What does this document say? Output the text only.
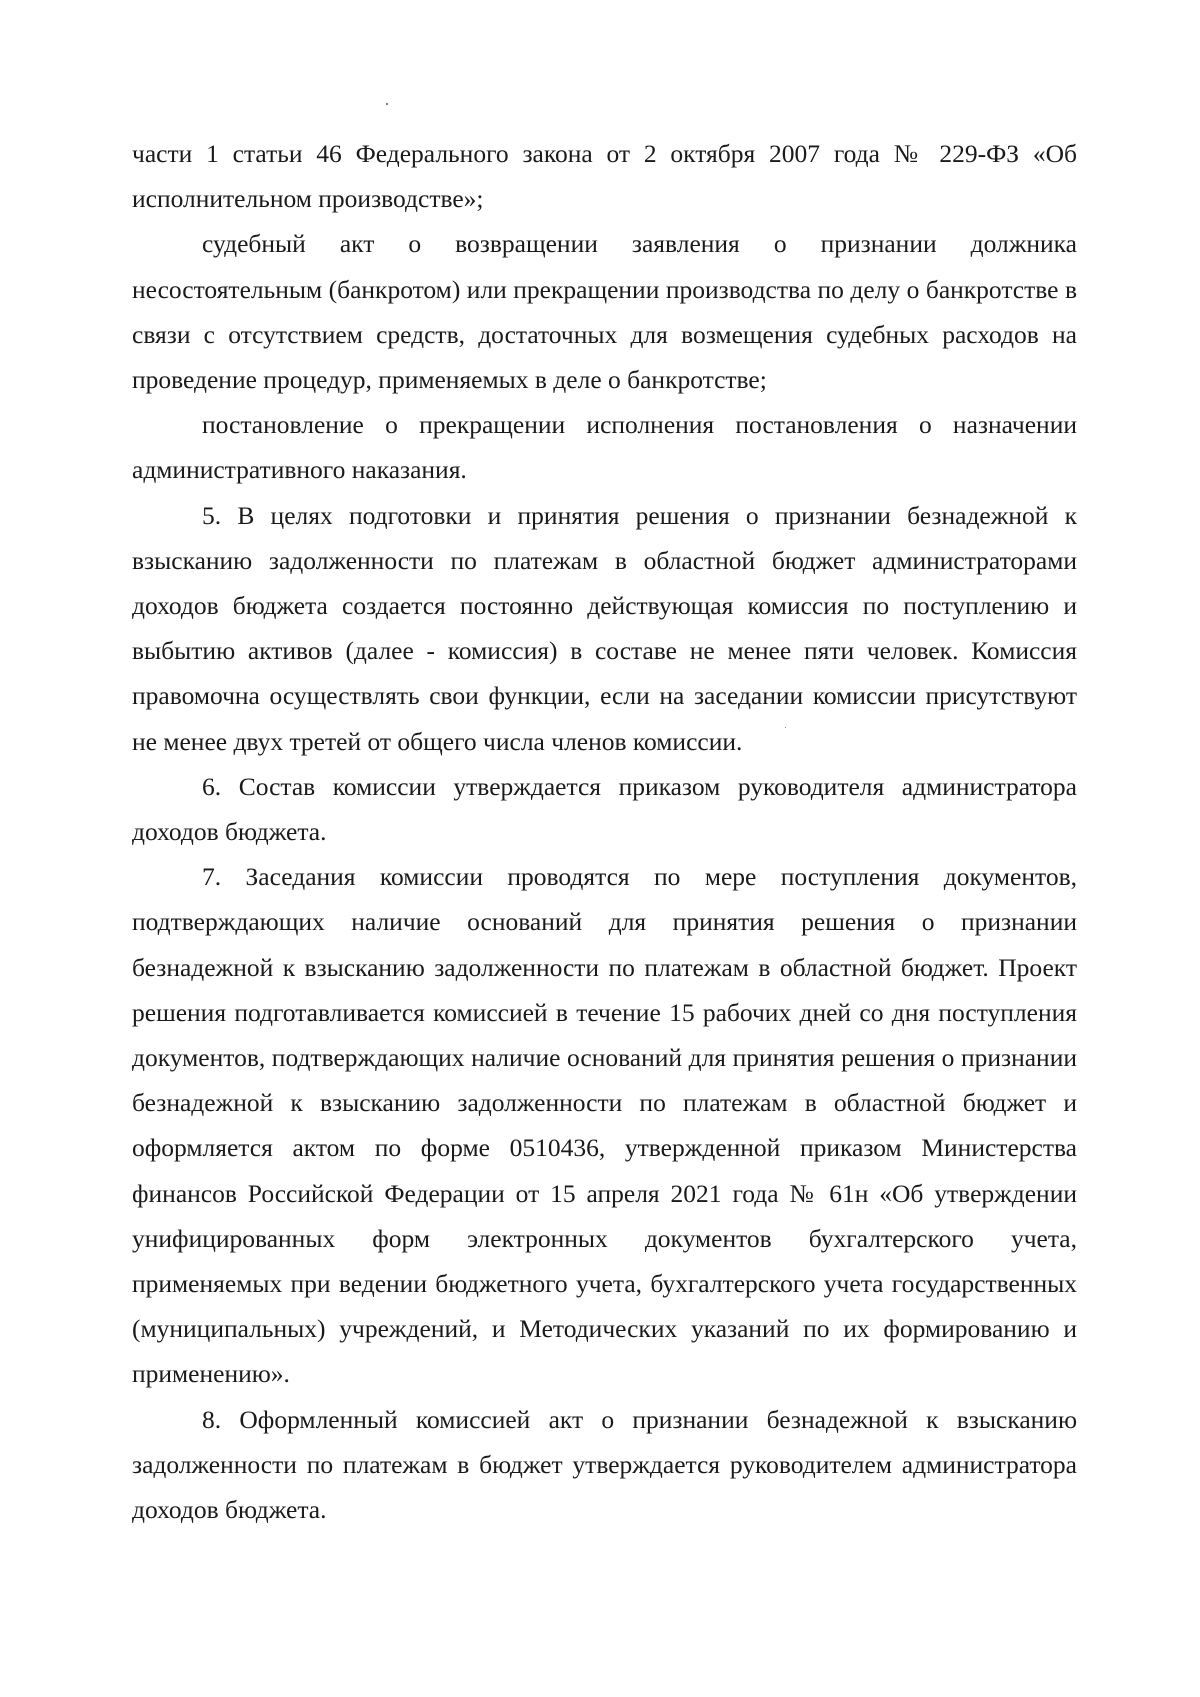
части 1 статьи 46 Федерального закона от 2 октября 2007 года № 229-ФЗ «Об исполнительном производстве»;

судебный акт о возвращении заявления о признании должника несостоятельным (банкротом) или прекращении производства по делу о банкротстве в связи с отсутствием средств, достаточных для возмещения судебных расходов на проведение процедур, применяемых в деле о банкротстве;

постановление о прекращении исполнения постановления о назначении административного наказания.

5. В целях подготовки и принятия решения о признании безнадежной к взысканию задолженности по платежам в областной бюджет администраторами доходов бюджета создается постоянно действующая комиссия по поступлению и выбытию активов (далее - комиссия) в составе не менее пяти человек. Комиссия правомочна осуществлять свои функции, если на заседании комиссии присутствуют не менее двух третей от общего числа членов комиссии.

6. Состав комиссии утверждается приказом руководителя администратора доходов бюджета.

7. Заседания комиссии проводятся по мере поступления документов, подтверждающих наличие оснований для принятия решения о признании безнадежной к взысканию задолженности по платежам в областной бюджет. Проект решения подготавливается комиссией в течение 15 рабочих дней со дня поступления документов, подтверждающих наличие оснований для принятия решения о признании безнадежной к взысканию задолженности по платежам в областной бюджет и оформляется актом по форме 0510436, утвержденной приказом Министерства финансов Российской Федерации от 15 апреля 2021 года № 61н «Об утверждении унифицированных форм электронных документов бухгалтерского учета, применяемых при ведении бюджетного учета, бухгалтерского учета государственных (муниципальных) учреждений, и Методических указаний по их формированию и применению».

8. Оформленный комиссией акт о признании безнадежной к взысканию задолженности по платежам в бюджет утверждается руководителем администратора доходов бюджета.
